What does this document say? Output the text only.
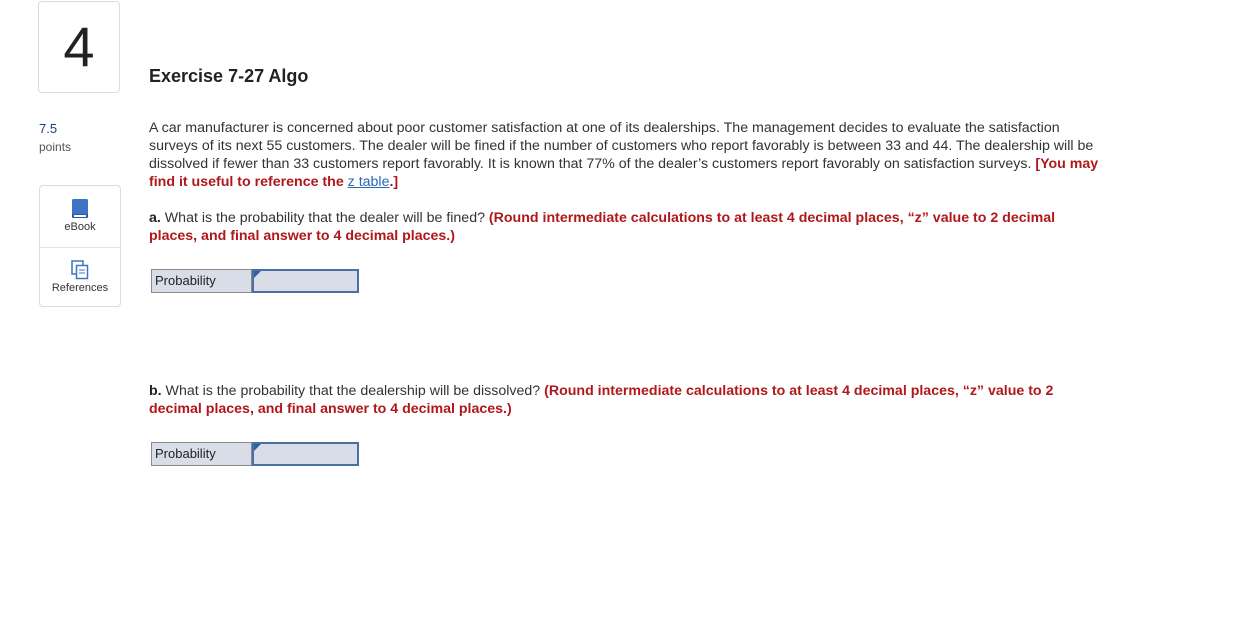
4
7.5
points
eBook
References
Exercise 7-27 Algo
A car manufacturer is concerned about poor customer satisfaction at one of its dealerships. The management decides to evaluate the satisfaction surveys of its next 55 customers. The dealer will be fined if the number of customers who report favorably is between 33 and 44. The dealership will be dissolved if fewer than 33 customers report favorably. It is known that 77% of the dealer’s customers report favorably on satisfaction surveys. [You may find it useful to reference the z table.]
a. What is the probability that the dealer will be fined? (Round intermediate calculations to at least 4 decimal places, “z” value to 2 decimal places, and final answer to 4 decimal places.)
Probability
b. What is the probability that the dealership will be dissolved? (Round intermediate calculations to at least 4 decimal places, “z” value to 2 decimal places, and final answer to 4 decimal places.)
Probability
